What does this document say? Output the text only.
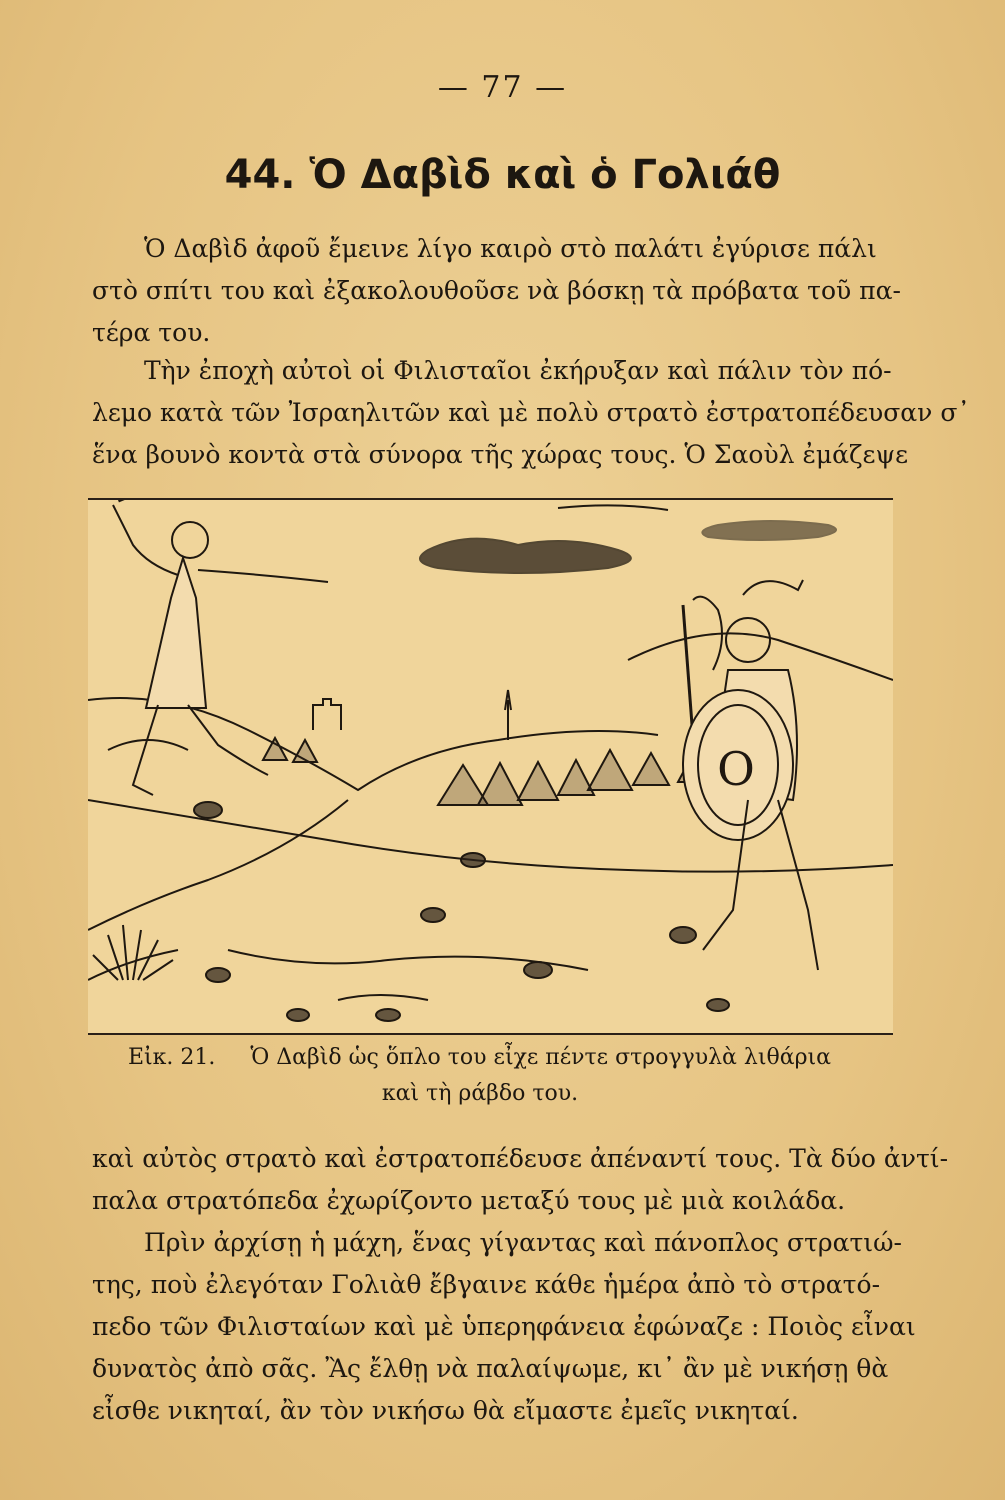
— 77 —
44. Ὁ Δαβὶδ καὶ ὁ Γολιάθ

Ὁ Δαβὶδ ἀφοῦ ἔμεινε λίγο καιρὸ στὸ παλάτι ἐγύρισε πάλι
στὸ σπίτι του καὶ ἐξακολουθοῦσε νὰ βόσκῃ τὰ πρόβατα τοῦ πα-
τέρα του.

Τὴν ἐποχὴ αὐτοὶ οἱ Φιλισταῖοι ἐκήρυξαν καὶ πάλιν τὸν πό-
λεμο κατὰ τῶν Ἰσραηλιτῶν καὶ μὲ πολὺ στρατὸ ἐστρατοπέδευσαν σ᾿
ἕνα βουνὸ κοντὰ στὰ σύνορα τῆς χώρας τους. Ὁ Σαοὺλ ἐμάζεψε

Ο
Εἰκ. 21. Ὁ Δαβὶδ ὡς ὅπλο του εἶχε πέντε στρογγυλὰ λιθάρια
καὶ τὴ ράβδο του.

καὶ αὐτὸς στρατὸ καὶ ἐστρατοπέδευσε ἀπέναντί τους. Τὰ δύο ἀντί-
παλα στρατόπεδα ἐχωρίζοντο μεταξύ τους μὲ μιὰ κοιλάδα.

Πρὶν ἀρχίσῃ ἡ μάχη, ἕνας γίγαντας καὶ πάνοπλος στρατιώ-
της, ποὺ ἐλεγόταν Γολιὰθ ἔβγαινε κάθε ἡμέρα ἀπὸ τὸ στρατό-
πεδο τῶν Φιλισταίων καὶ μὲ ὑπερηφάνεια ἐφώναζε : Ποιὸς εἶναι
δυνατὸς ἀπὸ σᾶς. Ἂς ἔλθῃ νὰ παλαίψωμε, κι᾿ ἂν μὲ νικήσῃ θὰ
εἶσθε νικηταί, ἂν τὸν νικήσω θὰ εἴμαστε ἐμεῖς νικηταί.
